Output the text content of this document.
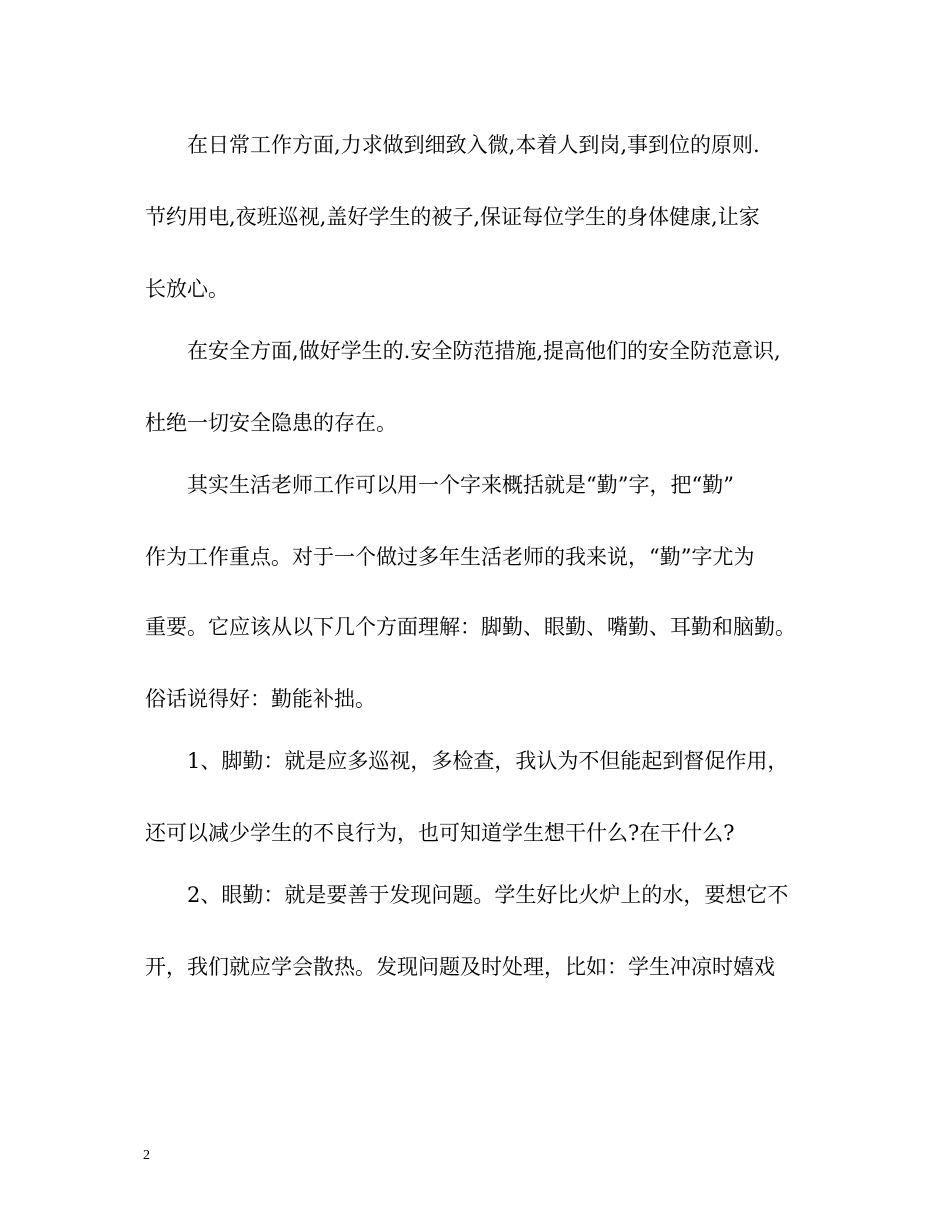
在日常工作方面,力求做到细致入微,本着人到岗,事到位的原则.
节约用电,夜班巡视,盖好学生的被子,保证每位学生的身体健康,让家
长放心。
在安全方面,做好学生的.安全防范措施,提高他们的安全防范意识,
杜绝一切安全隐患的存在。
其实生活老师工作可以用一个字来概括就是“勤”字，把“勤”
作为工作重点。对于一个做过多年生活老师的我来说，“勤”字尤为
重要。它应该从以下几个方面理解：脚勤、眼勤、嘴勤、耳勤和脑勤。
俗话说得好：勤能补拙。
1、脚勤：就是应多巡视，多检查，我认为不但能起到督促作用，
还可以减少学生的不良行为，也可知道学生想干什么?在干什么?
2、眼勤：就是要善于发现问题。学生好比火炉上的水，要想它不
开，我们就应学会散热。发现问题及时处理，比如：学生冲凉时嬉戏
2
